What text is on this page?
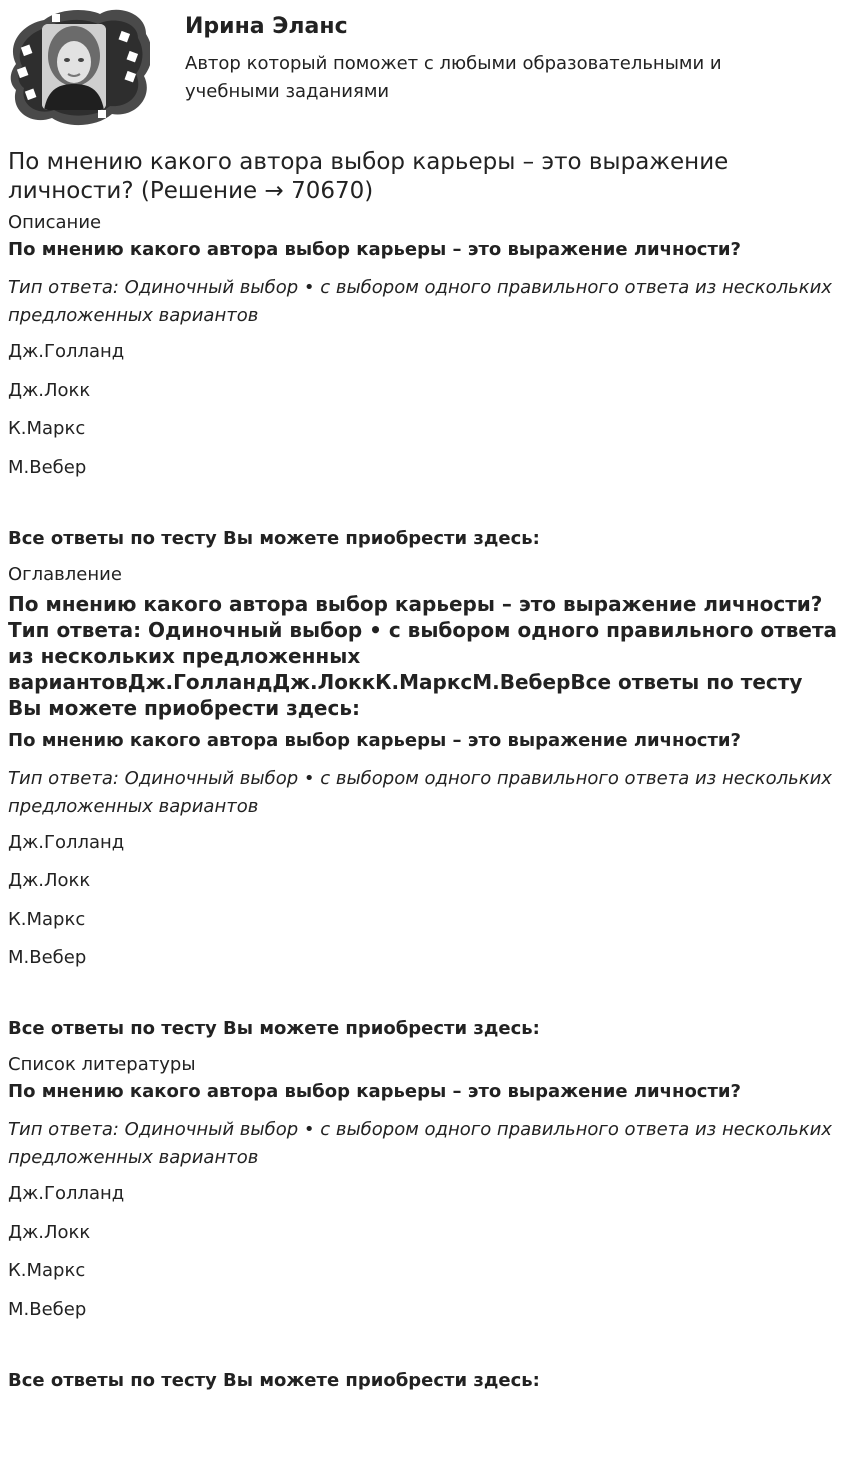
Ирина Эланс

Автор который поможет с любыми образовательными и учебными заданиями

По мнению какого автора выбор карьеры – это выражение личности? (Решение → 70670)

Описание

По мнению какого автора выбор карьеры – это выражение личности?

Тип ответа: Одиночный выбор • с выбором одного правильного ответа из нескольких предложенных вариантов

Дж.Голланд

Дж.Локк

К.Маркс

М.Вебер

Все ответы по тесту Вы можете приобрести здесь:

Оглавление

По мнению какого автора выбор карьеры – это выражение личности?Тип ответа: Одиночный выбор • с выбором одного правильного ответа из нескольких предложенных вариантовДж.ГолландДж.ЛоккК.МарксМ.ВеберВсе ответы по тесту Вы можете приобрести здесь:

По мнению какого автора выбор карьеры – это выражение личности?

Тип ответа: Одиночный выбор • с выбором одного правильного ответа из нескольких предложенных вариантов

Дж.Голланд

Дж.Локк

К.Маркс

М.Вебер

Все ответы по тесту Вы можете приобрести здесь:

Список литературы

По мнению какого автора выбор карьеры – это выражение личности?

Тип ответа: Одиночный выбор • с выбором одного правильного ответа из нескольких предложенных вариантов

Дж.Голланд

Дж.Локк

К.Маркс

М.Вебер

Все ответы по тесту Вы можете приобрести здесь:
